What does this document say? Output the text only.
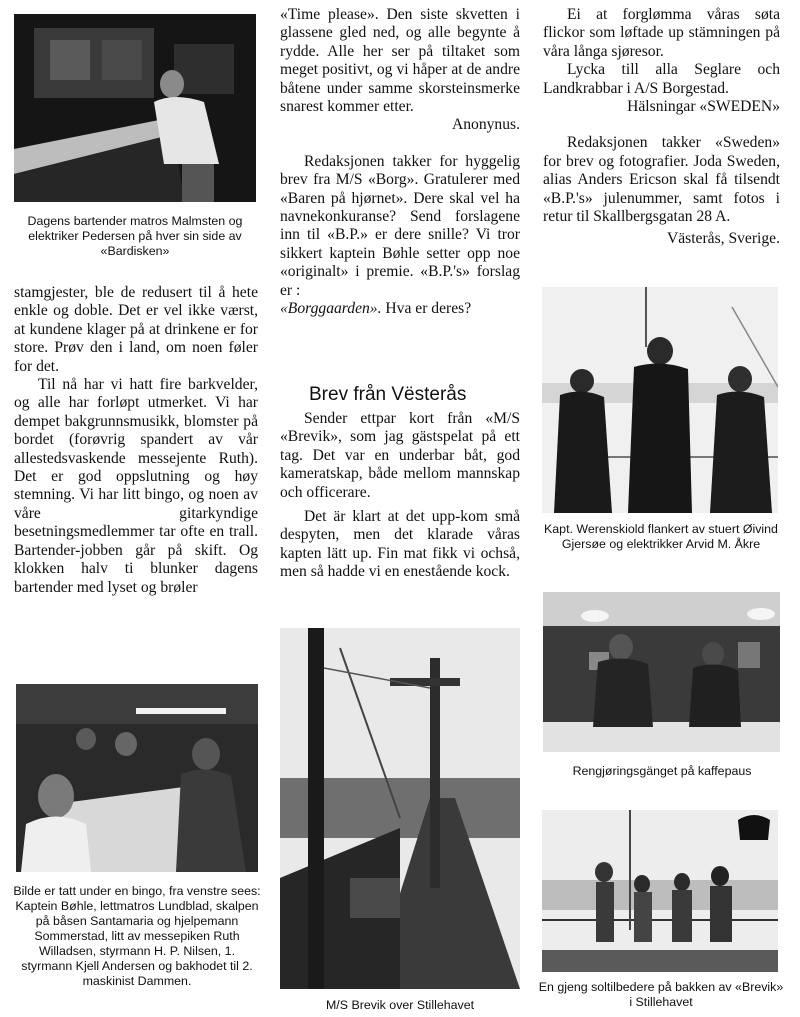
Dagens bartender matros Malmsten og elektriker Pedersen på hver sin side av «Bardisken»

Bilde er tatt under en bingo, fra venstre sees: Kaptein Bøhle, lettmatros Lundblad, skalpen på båsen Santamaria og hjelpemann Sommerstad, litt av messepiken Ruth Willadsen, styrmann H. P. Nilsen, 1. styrmann Kjell Andersen og bakhodet til 2. maskinist Dammen.

M/S Brevik over Stillehavet

Kapt. Werenskiold flankert av stuert Øivind Gjersøe og elektrikker Arvid M. Åkre

Rengjøringsgänget på kaffepaus

En gjeng soltilbedere på bakken av «Brevik» i Stillehavet

stamgjester, ble de redusert til å hete enkle og doble. Det er vel ikke værst, at kundene klager på at drinkene er for store. Prøv den i land, om noen føler for det.

Til nå har vi hatt fire barkvelder, og alle har forløpt utmerket. Vi har dempet bakgrunnsmusikk, blomster på bordet (forøvrig spandert av vår allestedsvaskende messejente Ruth). Det er god oppslutning og høy stemning. Vi har litt bingo, og noen av våre gitarkyndige besetningsmedlemmer tar ofte en trall. Bartender-jobben går på skift. Og klokken halv ti blunker dagens bartender med lyset og brøler

«Time please». Den siste skvetten i glassene gled ned, og alle begynte å rydde. Alle her ser på tiltaket som meget positivt, og vi håper at de andre båtene under samme skorsteinsmerke snarest kommer etter.

Anonynus.

Redaksjonen takker for hyggelig brev fra M/S «Borg». Gratulerer med «Baren på hjørnet». Dere skal vel ha navnekonkuranse? Send forslagene inn til «B.P.» er dere snille? Vi tror sikkert kaptein Bøhle setter opp noe «originalt» i premie. «B.P.'s» forslag er :

«Borggaarden». Hva er deres?

Brev från Vësterås

Sender ettpar kort från «M/S «Brevik», som jag gästspelat på ett tag. Det var en underbar båt, god kameratskap, både mellom mannskap och officerare.

Det är klart at det upp-kom små despyten, men det klarade våras kapten lätt up. Fin mat fikk vi ochså, men så hadde vi en enestående kock.

Ei at forglømma våras søta flickor som løftade up stämningen på våra långa sjøresor.

Lycka till alla Seglare och Landkrabbar i A/S Borgestad.

Hälsningar «SWEDEN»

Redaksjonen takker «Sweden» for brev og fotografier. Joda Sweden, alias Anders Ericson skal få tilsendt «B.P.'s» julenummer, samt fotos i retur til Skallbergsgatan 28 A.

Västerås, Sverige.
